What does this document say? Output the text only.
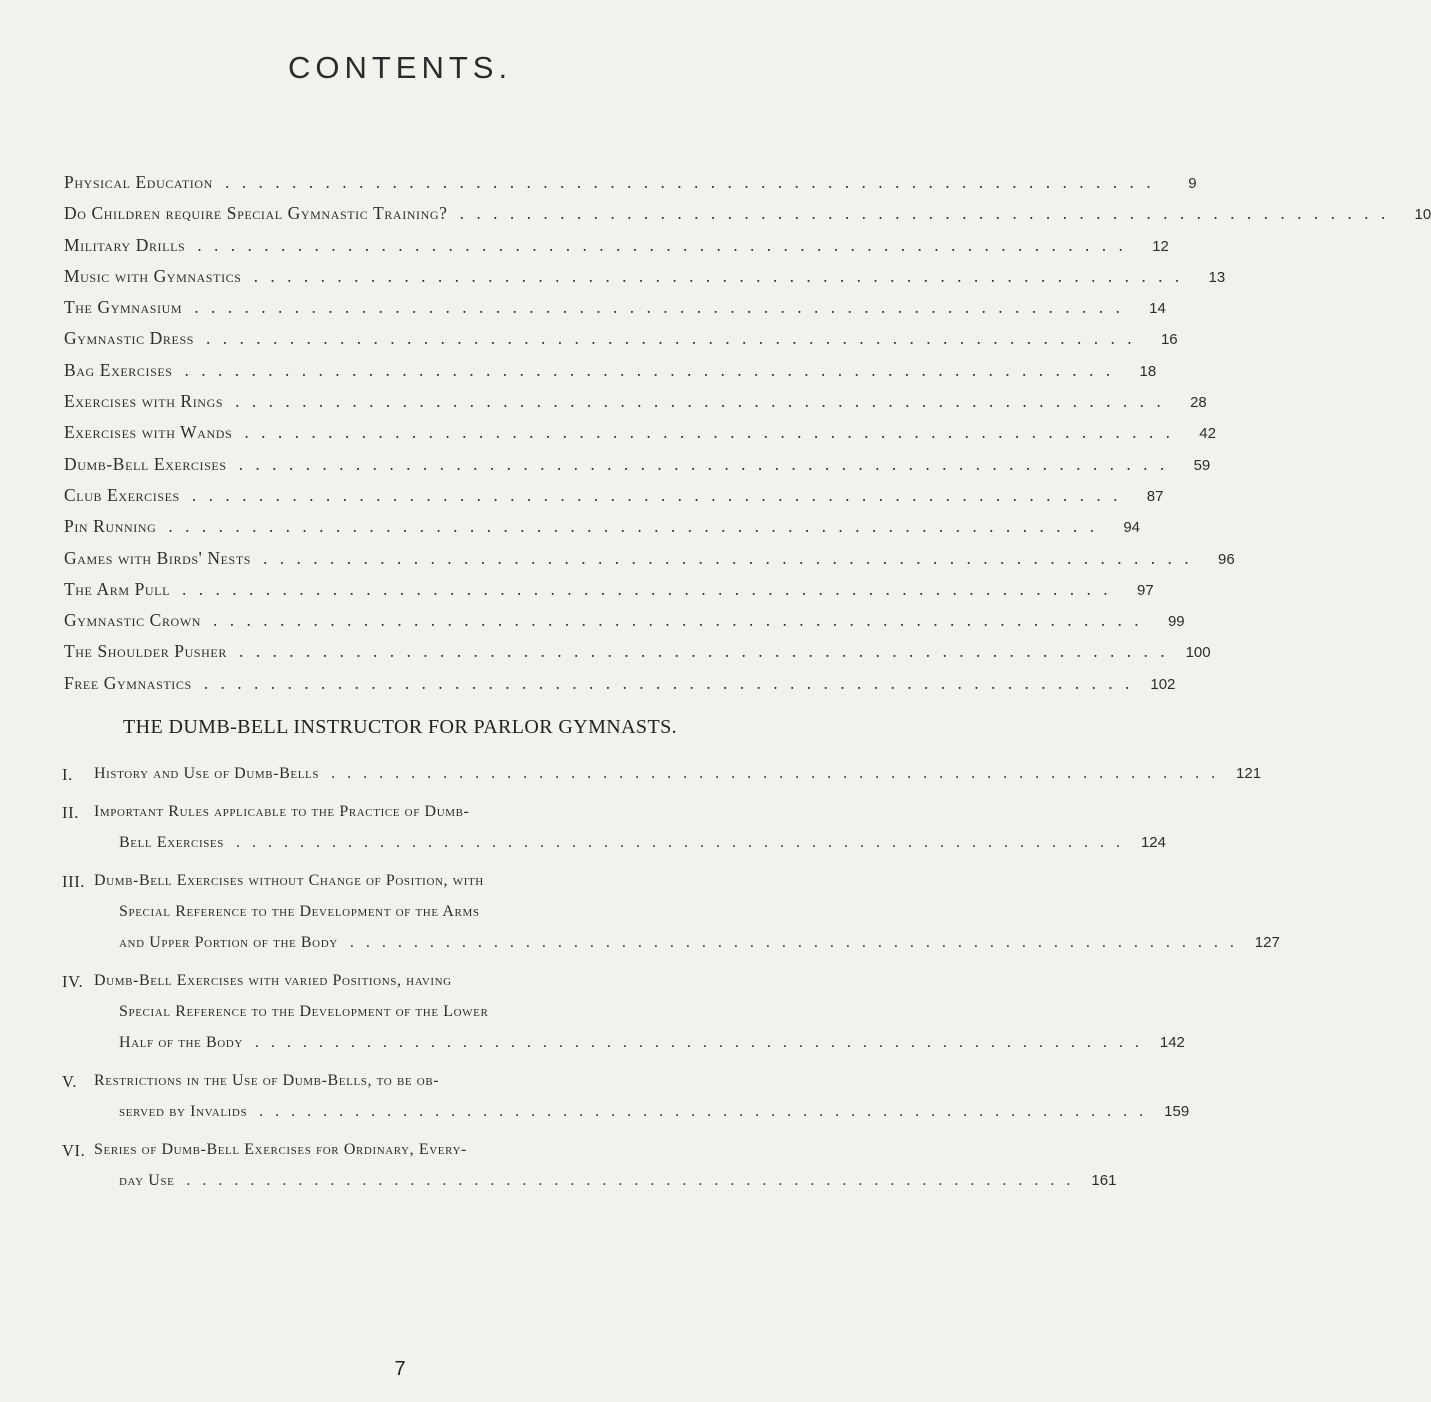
CONTENTS.
Physical Education . . .	9
Do Children require Special Gymnastic Training? . . .	10
Military Drills . . .	12
Music with Gymnastics . . .	13
The Gymnasium . . .	14
Gymnastic Dress . . .	16
Bag Exercises . . .	18
Exercises with Rings . . .	28
Exercises with Wands . . .	42
Dumb-Bell Exercises . . .	59
Club Exercises . . .	87
Pin Running . . .	94
Games with Birds' Nests . . .	96
The Arm Pull . . .	97
Gymnastic Crown . . .	99
The Shoulder Pusher . . .	100
Free Gymnastics . . .	102
THE DUMB-BELL INSTRUCTOR FOR PARLOR GYMNASTS.
I.	History and Use of Dumb-Bells . . .	121
II. Important Rules applicable to the Practice of Dumb-
Bell Exercises . . .	124
III. Dumb-Bell Exercises without Change of Position, with
Special Reference to the Development of the Arms
and Upper Portion of the Body . . .	127
IV. Dumb-Bell Exercises with varied Positions, having
Special Reference to the Development of the Lower
Half of the Body . . .	142
V.	Restrictions in the Use of Dumb-Bells, to be ob-
served by Invalids . . .	159
VI. Series of Dumb-Bell Exercises for Ordinary, Every-
day Use . . .	161
7
